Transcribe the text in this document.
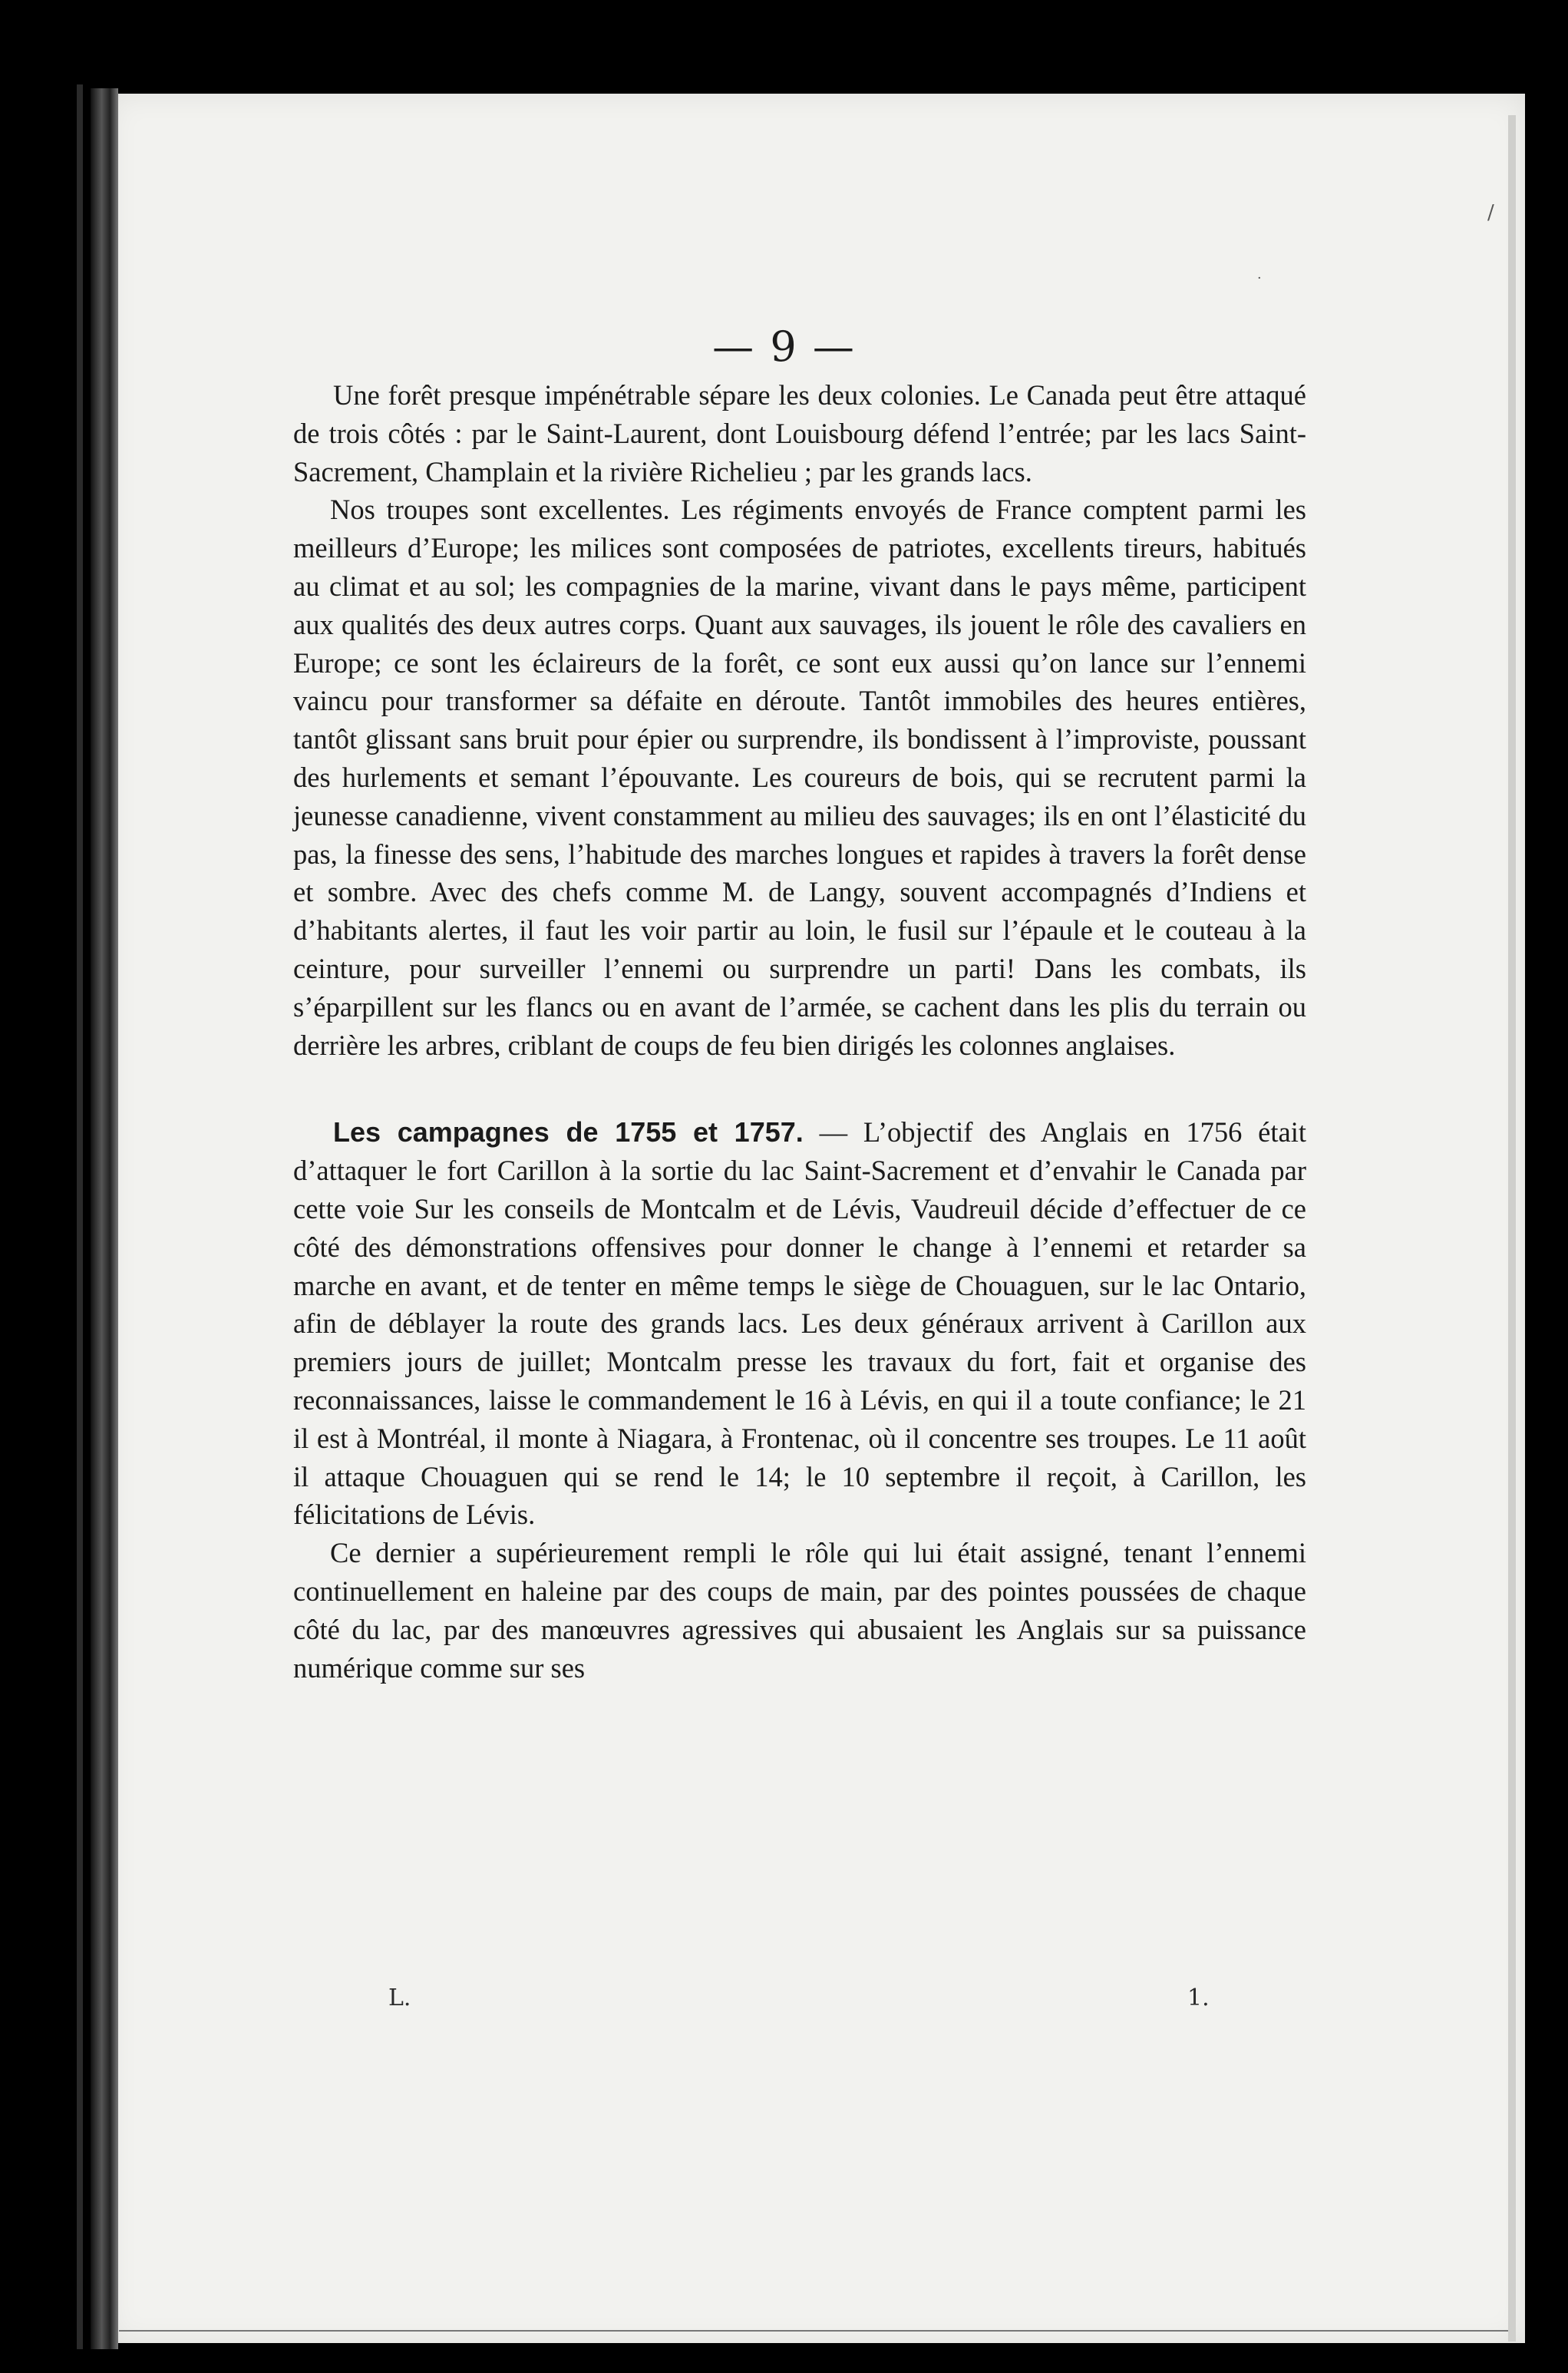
/
·
— 9 —

Une forêt presque impénétrable sépare les deux colonies. Le Canada peut être attaqué de trois côtés : par le Saint-Laurent, dont Louisbourg défend l’entrée; par les lacs Saint-Sacrement, Champlain et la rivière Richelieu ; par les grands lacs.

Nos troupes sont excellentes. Les régiments envoyés de France comptent parmi les meilleurs d’Europe; les milices sont composées de patriotes, excellents tireurs, habitués au climat et au sol; les compagnies de la marine, vivant dans le pays même, participent aux qualités des deux autres corps. Quant aux sauvages, ils jouent le rôle des cavaliers en Europe; ce sont les éclaireurs de la forêt, ce sont eux aussi qu’on lance sur l’ennemi vaincu pour transformer sa défaite en déroute. Tantôt immobiles des heures entières, tantôt glissant sans bruit pour épier ou surprendre, ils bondissent à l’improviste, poussant des hurlements et semant l’épouvante. Les coureurs de bois, qui se recrutent parmi la jeunesse canadienne, vivent constamment au milieu des sauvages; ils en ont l’élasticité du pas, la finesse des sens, l’habitude des marches longues et rapides à travers la forêt dense et sombre. Avec des chefs comme M. de Langy, souvent accompagnés d’Indiens et d’habitants alertes, il faut les voir partir au loin, le fusil sur l’épaule et le couteau à la ceinture, pour surveiller l’ennemi ou surprendre un parti! Dans les combats, ils s’éparpillent sur les flancs ou en avant de l’armée, se cachent dans les plis du terrain ou derrière les arbres, criblant de coups de feu bien dirigés les colonnes anglaises.

Les campagnes de 1755 et 1757. — L’objectif des Anglais en 1756 était d’attaquer le fort Carillon à la sortie du lac Saint-Sacrement et d’envahir le Canada par cette voie Sur les conseils de Montcalm et de Lévis, Vaudreuil décide d’effectuer de ce côté des démonstrations offensives pour donner le change à l’ennemi et retarder sa marche en avant, et de tenter en même temps le siège de Chouaguen, sur le lac Ontario, afin de déblayer la route des grands lacs. Les deux généraux arrivent à Carillon aux premiers jours de juillet; Montcalm presse les travaux du fort, fait et organise des reconnaissances, laisse le commandement le 16 à Lévis, en qui il a toute confiance; le 21 il est à Montréal, il monte à Niagara, à Frontenac, où il concentre ses troupes. Le 11 août il attaque Chouaguen qui se rend le 14; le 10 septembre il reçoit, à Carillon, les félicitations de Lévis.

Ce dernier a supérieurement rempli le rôle qui lui était assigné, tenant l’ennemi continuellement en haleine par des coups de main, par des pointes poussées de chaque côté du lac, par des manœuvres agressives qui abusaient les Anglais sur sa puissance numérique comme sur ses

L.	1.
